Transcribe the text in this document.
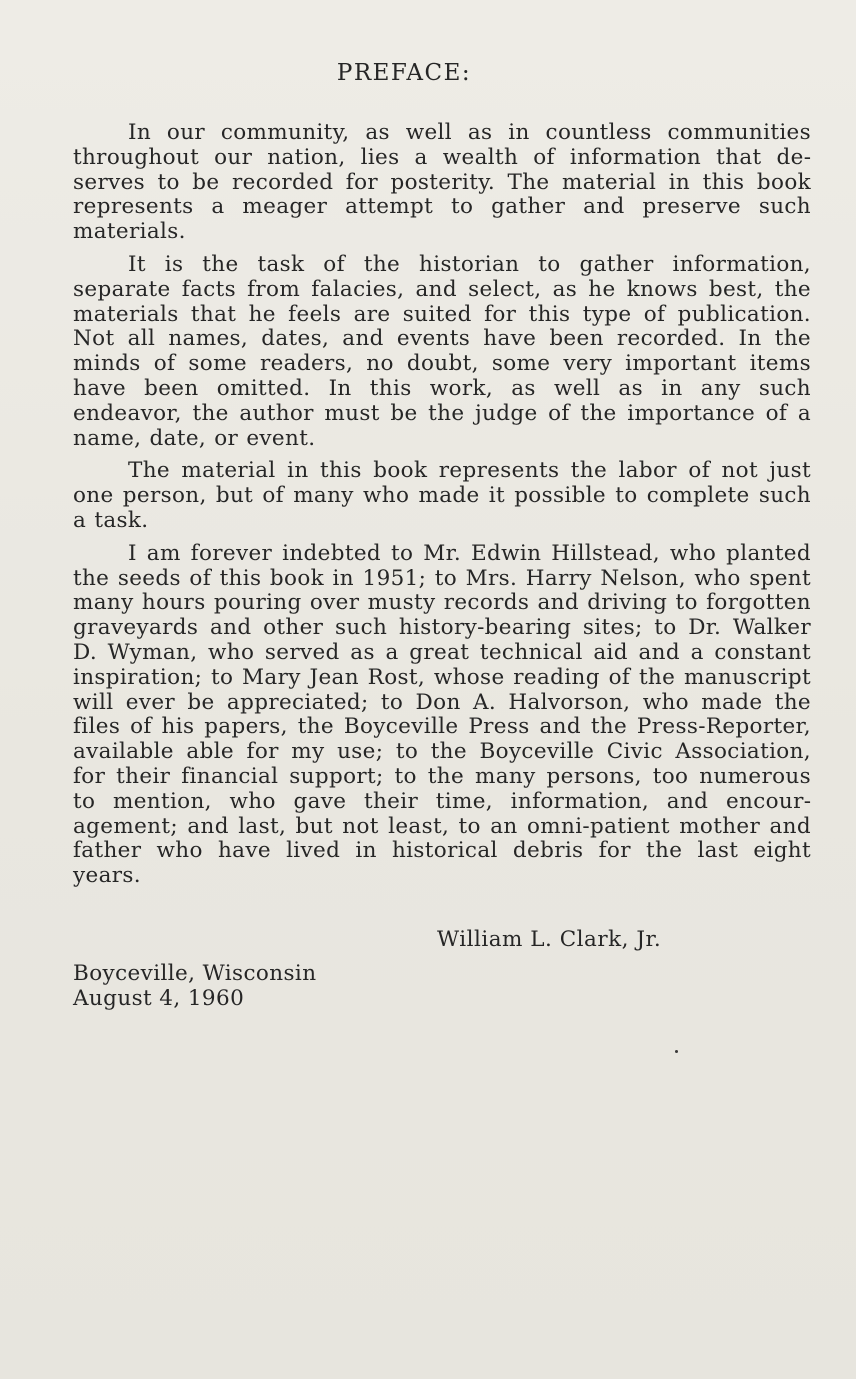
PREFACE:

In our community, as well as in countless communities throughout our nation, lies a wealth of information that deserves to be recorded for posterity. The material in this book represents a meager attempt to gather and preserve such materials.

It is the task of the historian to gather information, separate facts from falacies, and select, as he knows best, the materials that he feels are suited for this type of publication. Not all names, dates, and events have been recorded. In the minds of some readers, no doubt, some very important items have been omitted. In this work, as well as in any such endeavor, the author must be the judge of the importance of a name, date, or event.

The material in this book represents the labor of not just one person, but of many who made it possible to complete such a task.

I am forever indebted to Mr. Edwin Hillstead, who planted the seeds of this book in 1951; to Mrs. Harry Nelson, who spent many hours pouring over musty records and driving to forgotten graveyards and other such history-bearing sites; to Dr. Walker D. Wyman, who served as a great technical aid and a constant inspiration; to Mary Jean Rost, whose reading of the manuscript will ever be appreciated; to Don A. Halvorson, who made the files of his papers, the Boyceville Press and the Press-Reporter, available able for my use; to the Boyceville Civic Association, for their financial support; to the many persons, too numerous to mention, who gave their time, information, and encouragement; and last, but not least, to an omni-patient mother and father who have lived in historical debris for the last eight years.

William L. Clark, Jr.
Boyceville, Wisconsin
August 4, 1960
